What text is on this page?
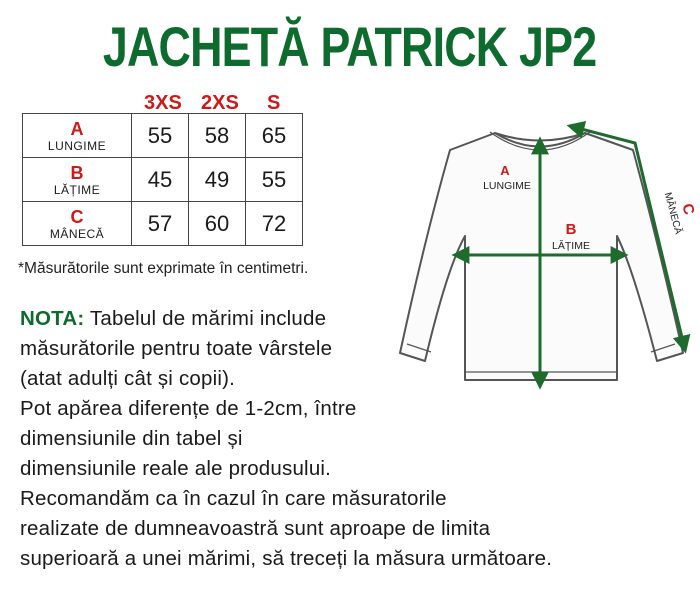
JACHETĂ PATRICK JP2
3XS 2XS S
A
LUNGIME	55	58	65

B
LĂȚIME	45	49	55

C
MÂNECĂ	57	60	72
*Măsurătorile sunt exprimate în centimetri.
NOTA: Tabelul de mărimi include
măsurătorile pentru toate vârstele
(atat adulți cât și copii).
Pot apărea diferențe de 1-2cm, între
dimensiunile din tabel și
dimensiunile reale ale produsului.
Recomandăm ca în cazul în care măsuratorile
realizate de dumneavoastră sunt aproape de limita
superioară a unei mărimi, să treceți la măsura următoare.
A
LUNGIME
B
LĂȚIME
C
MÂNECĂ
